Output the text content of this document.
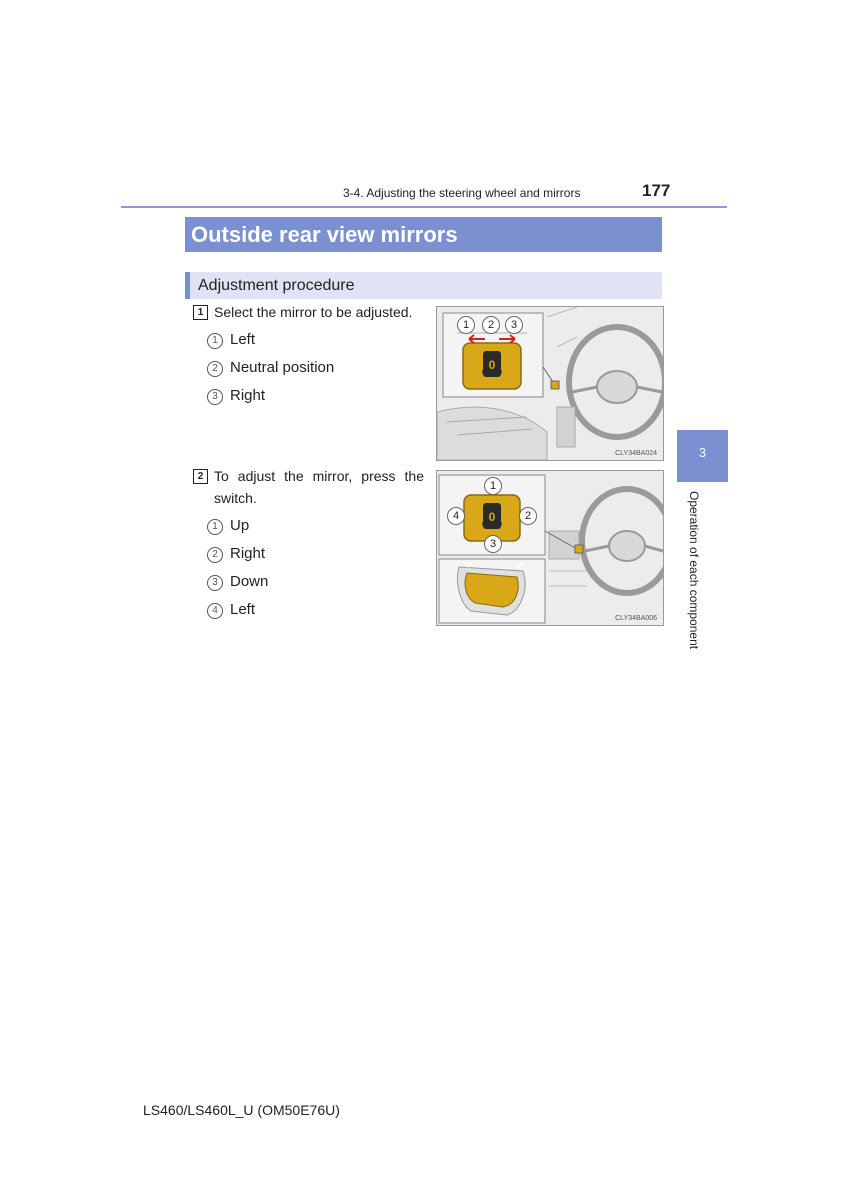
3-4. Adjusting the steering wheel and mirrors	177
Outside rear view mirrors
Adjustment procedure
1 Select the mirror to be adjusted.
1 Left
2 Neutral position
3 Right
0
1	2	3
MIRROR
CLY34BA024
2 To adjust the mirror, press the
switch.
1 Up
2 Right
3 Down
4 Left
0
1
2
3
4
MIRROR
CLY34BA006
3
Operation of each component
LS460/LS460L_U (OM50E76U)
